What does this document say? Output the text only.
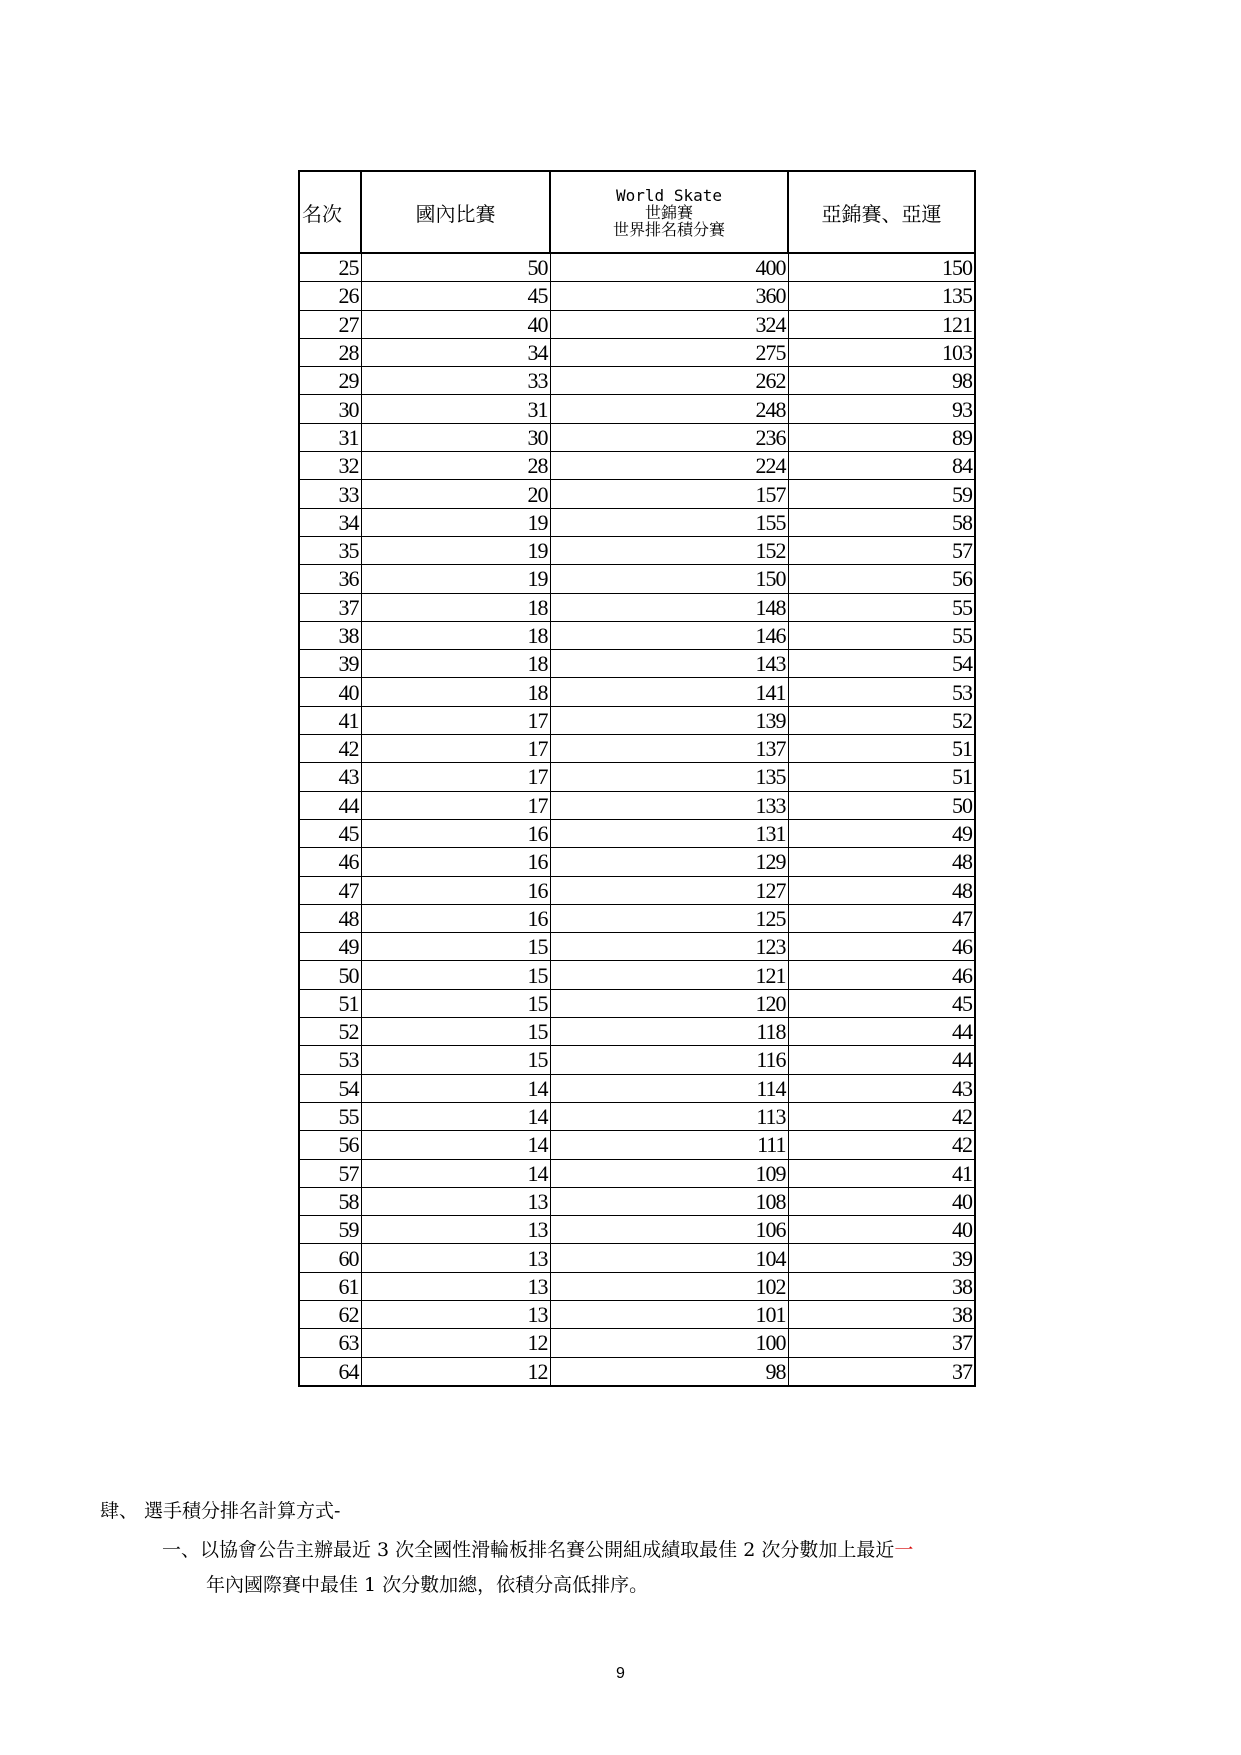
名次	國內比賽	World Skate
世錦賽
世界排名積分賽	亞錦賽、亞運
25	50	400	150
26	45	360	135
27	40	324	121
28	34	275	103
29	33	262	98
30	31	248	93
31	30	236	89
32	28	224	84
33	20	157	59
34	19	155	58
35	19	152	57
36	19	150	56
37	18	148	55
38	18	146	55
39	18	143	54
40	18	141	53
41	17	139	52
42	17	137	51
43	17	135	51
44	17	133	50
45	16	131	49
46	16	129	48
47	16	127	48
48	16	125	47
49	15	123	46
50	15	121	46
51	15	120	45
52	15	118	44
53	15	116	44
54	14	114	43
55	14	113	42
56	14	111	42
57	14	109	41
58	13	108	40
59	13	106	40
60	13	104	39
61	13	102	38
62	13	101	38
63	12	100	37
64	12	98	37
肆、 選手積分排名計算方式-
一、以協會公告主辦最近 3 次全國性滑輪板排名賽公開組成績取最佳 2 次分數加上最近一
年內國際賽中最佳 1 次分數加總，依積分高低排序。
9
